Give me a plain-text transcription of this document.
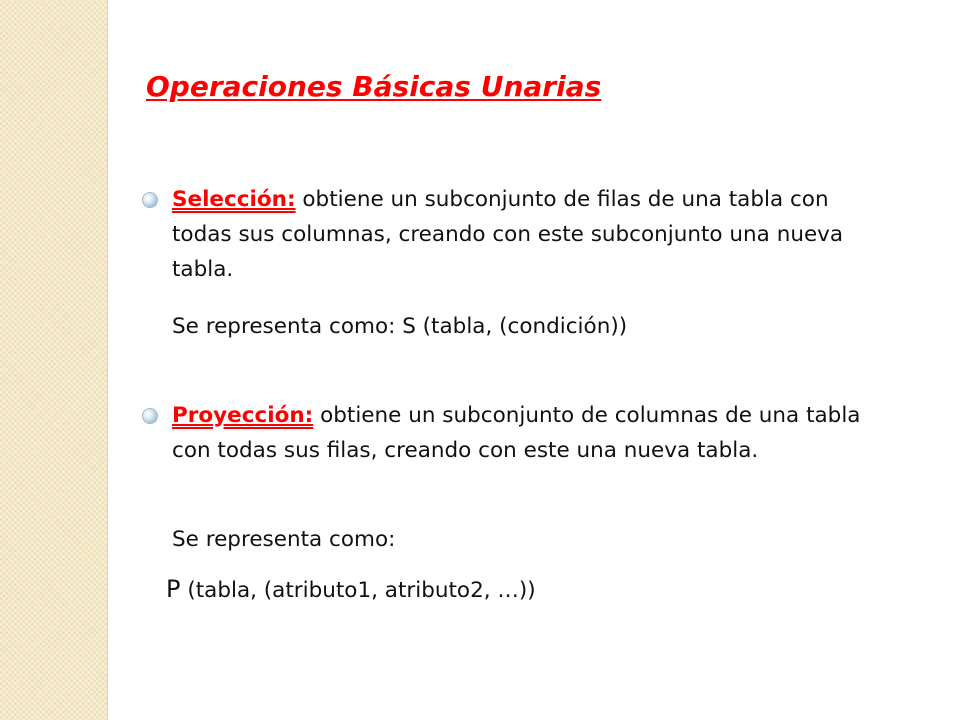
Operaciones Básicas Unarias
Selección: obtiene un subconjunto de filas de una tabla con todas sus columnas, creando con este subconjunto una nueva tabla.
Se representa como: S (tabla, (condición))
Proyección: obtiene un subconjunto de columnas de una tabla con todas sus filas, creando con este una nueva tabla.
Se representa como:
P (tabla, (atributo1, atributo2, …))
